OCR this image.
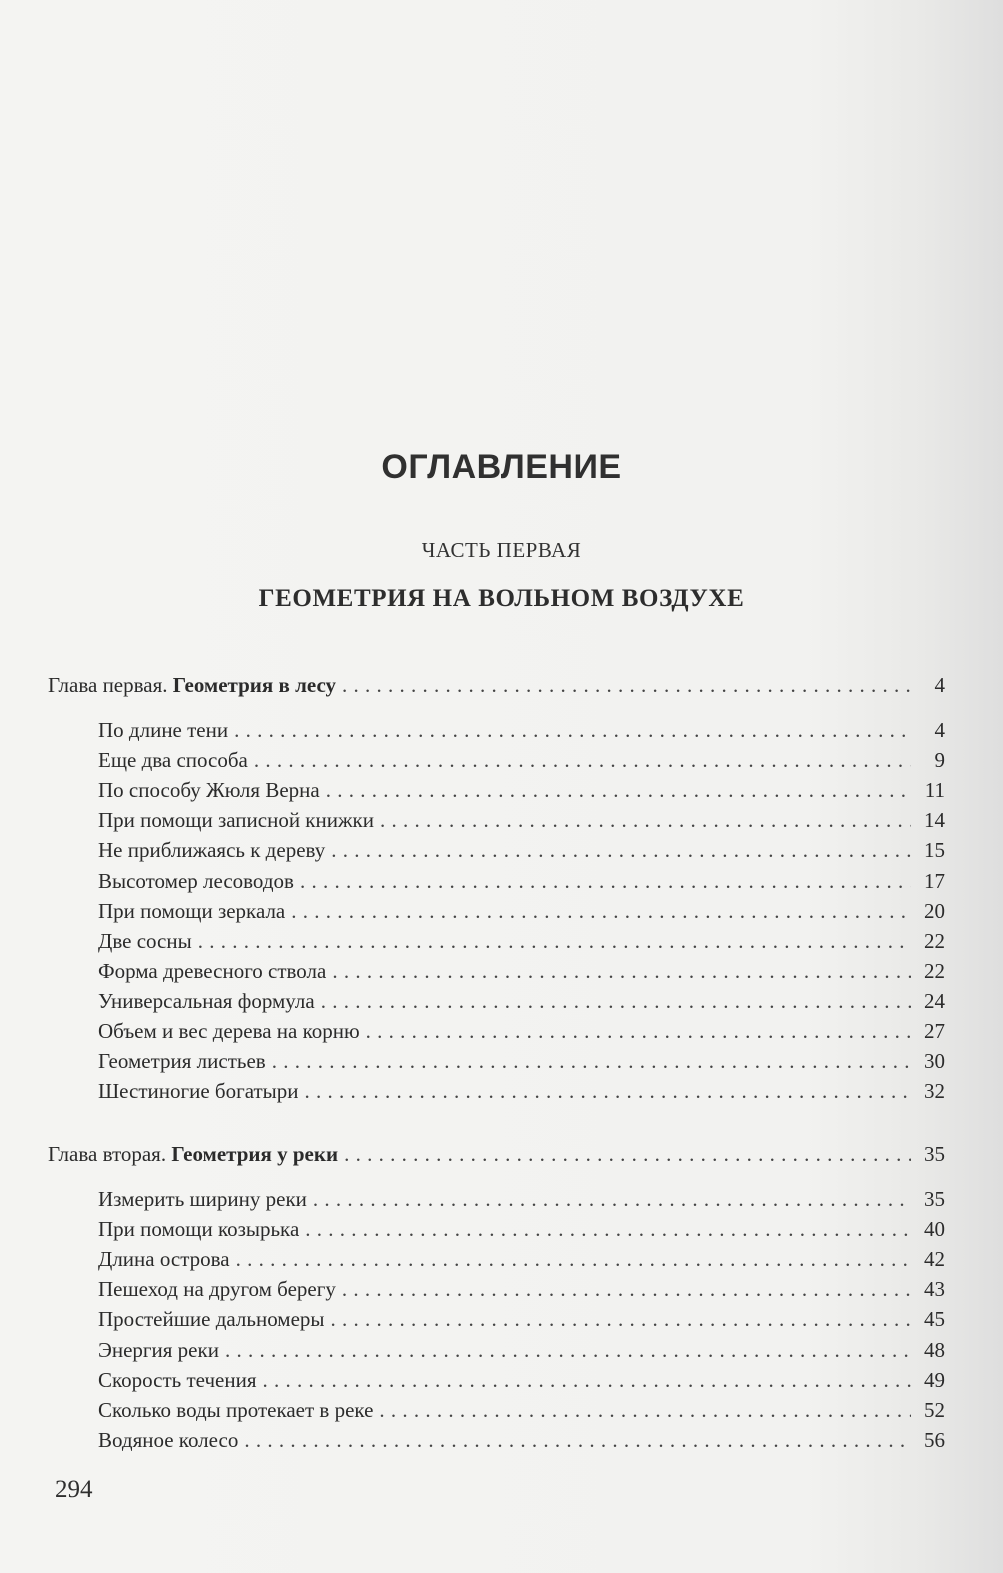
ОГЛАВЛЕНИЕ
ЧАСТЬ ПЕРВАЯ
ГЕОМЕТРИЯ НА ВОЛЬНОМ ВОЗДУХЕ
Глава первая. Геометрия в лесу . . .	4
По длине тени . . .	4
Еще два способа . . .	9
По способу Жюля Верна . . .	11
При помощи записной книжки . . .	14
Не приближаясь к дереву . . .	15
Высотомер лесоводов . . .	17
При помощи зеркала . . .	20
Две сосны . . .	22
Форма древесного ствола . . .	22
Универсальная формула . . .	24
Объем и вес дерева на корню . . .	27
Геометрия листьев . . .	30
Шестиногие богатыри . . .	32
Глава вторая. Геометрия у реки . . .	35
Измерить ширину реки . . .	35
При помощи козырька . . .	40
Длина острова . . .	42
Пешеход на другом берегу . . .	43
Простейшие дальномеры . . .	45
Энергия реки . . .	48
Скорость течения . . .	49
Сколько воды протекает в реке . . .	52
Водяное колесо . . .	56
294
